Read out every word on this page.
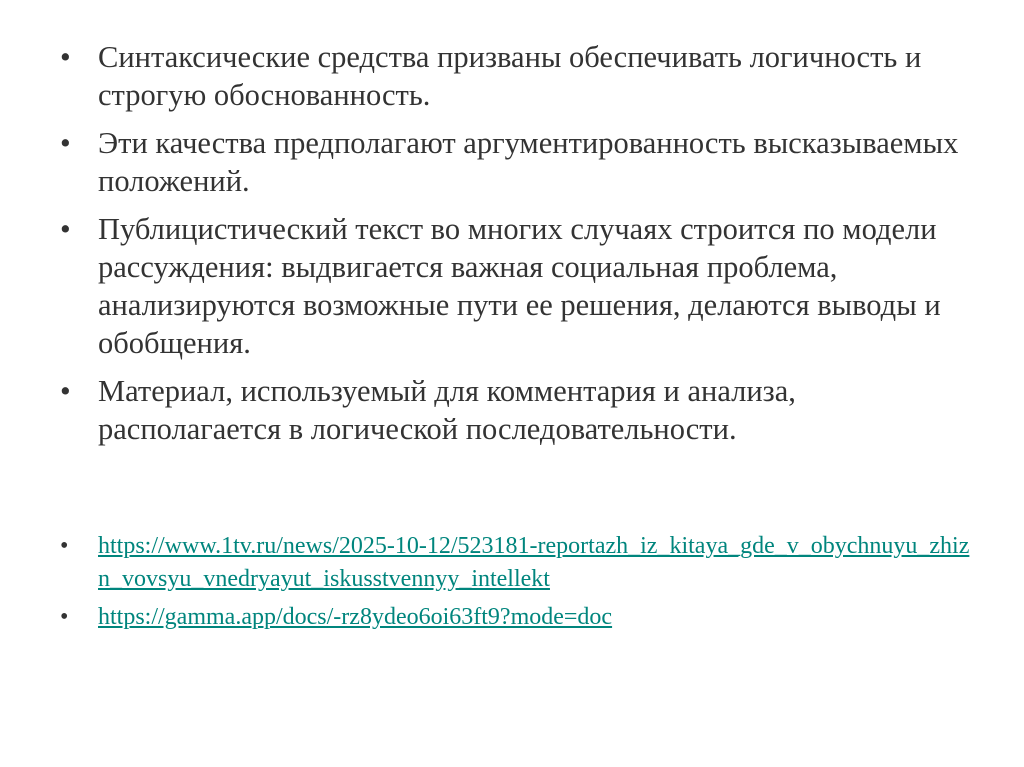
• Синтаксические средства призваны обеспечивать логичность и строгую обоснованность.
• Эти качества предполагают аргументированность высказываемых положений.
• Публицистический текст во многих случаях строится по модели рассуждения: выдвигается важная социальная проблема, анализируются возможные пути ее решения, делаются выводы и обобщения.
• Материал, используемый для комментария и анализа, располагается в логической последовательности.
• https://www.1tv.ru/news/2025-10-12/523181-reportazh_iz_kitaya_gde_v_obychnuyu_zhizn_vovsyu_vnedryayut_iskusstvennyy_intellekt
• https://gamma.app/docs/-rz8ydeo6oi63ft9?mode=doc
